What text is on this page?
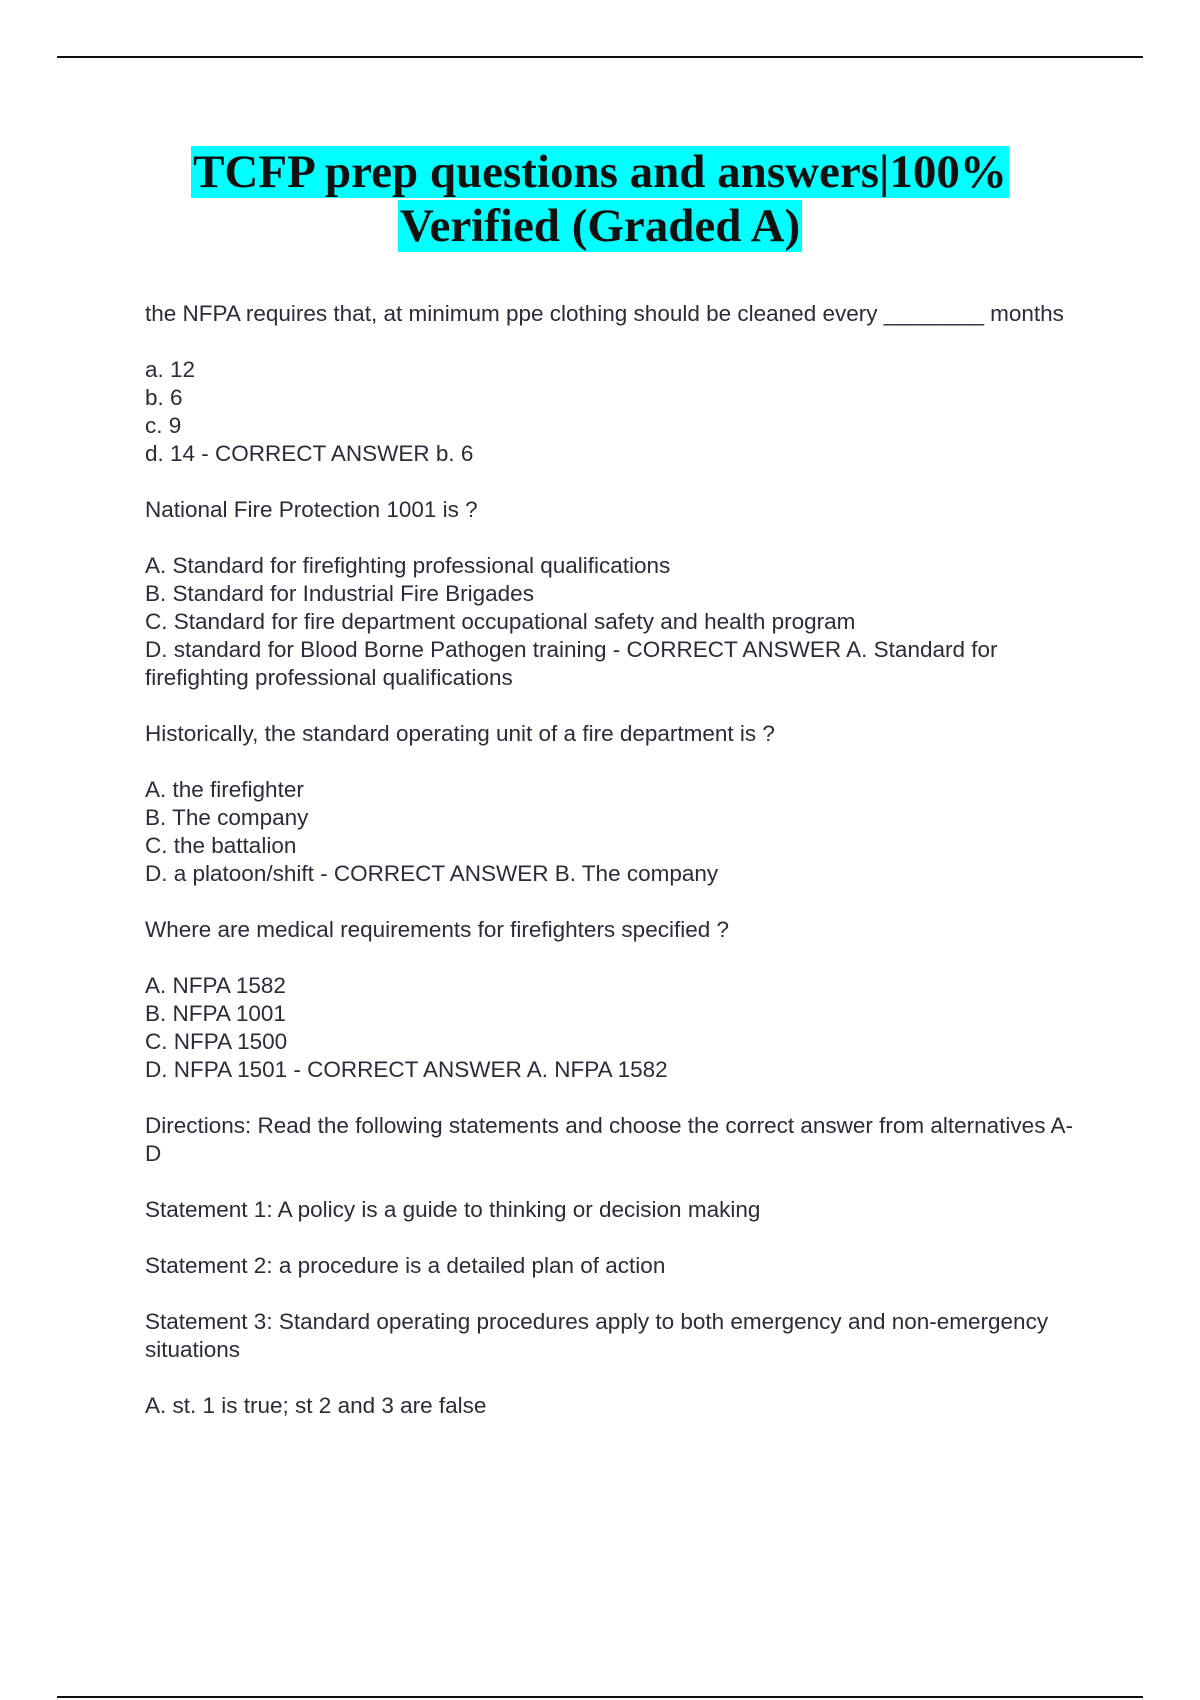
TCFP prep questions and answers|100%
Verified (Graded A)

the NFPA requires that, at minimum ppe clothing should be cleaned every ________ months

a. 12
b. 6
c. 9
d. 14 - CORRECT ANSWER b. 6

National Fire Protection 1001 is ?

A. Standard for firefighting professional qualifications
B. Standard for Industrial Fire Brigades
C. Standard for fire department occupational safety and health program
D. standard for Blood Borne Pathogen training - CORRECT ANSWER A. Standard for firefighting professional qualifications

Historically, the standard operating unit of a fire department is ?

A. the firefighter
B. The company
C. the battalion
D. a platoon/shift - CORRECT ANSWER B. The company

Where are medical requirements for firefighters specified ?

A. NFPA 1582
B. NFPA 1001
C. NFPA 1500
D. NFPA 1501 - CORRECT ANSWER A. NFPA 1582

Directions: Read the following statements and choose the correct answer from alternatives A-D

Statement 1: A policy is a guide to thinking or decision making

Statement 2: a procedure is a detailed plan of action

Statement 3: Standard operating procedures apply to both emergency and non-emergency situations

A. st. 1 is true; st 2 and 3 are false
